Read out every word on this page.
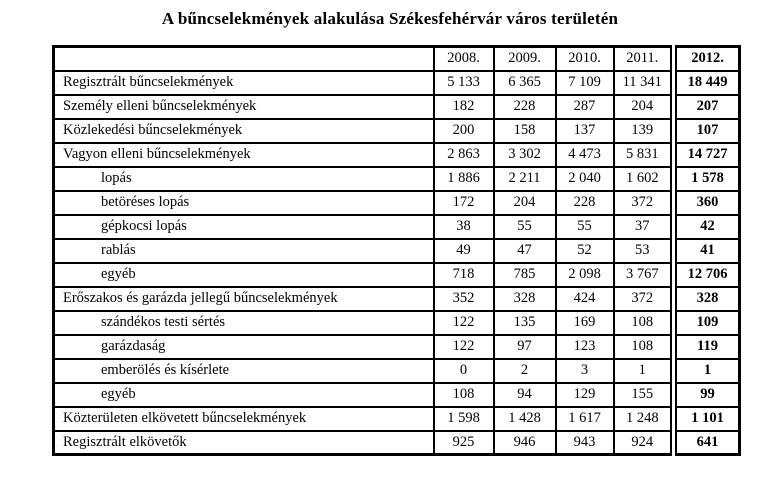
A bűncselekmények alakulása Székesfehérvár város területén
	2008.	2009.	2010.	2011.	2012.
Regisztrált bűncselekmények	5 133	6 365	7 109	11 341	18 449
Személy elleni bűncselekmények	182	228	287	204	207
Közlekedési bűncselekmények	200	158	137	139	107
Vagyon elleni bűncselekmények	2 863	3 302	4 473	5 831	14 727
lopás	1 886	2 211	2 040	1 602	1 578
betöréses lopás	172	204	228	372	360
gépkocsi lopás	38	55	55	37	42
rablás	49	47	52	53	41
egyéb	718	785	2 098	3 767	12 706
Erőszakos és garázda jellegű bűncselekmények	352	328	424	372	328
szándékos testi sértés	122	135	169	108	109
garázdaság	122	97	123	108	119
emberölés és kísérlete	0	2	3	1	1
egyéb	108	94	129	155	99
Közterületen elkövetett bűncselekmények	1 598	1 428	1 617	1 248	1 101
Regisztrált elkövetők	925	946	943	924	641
